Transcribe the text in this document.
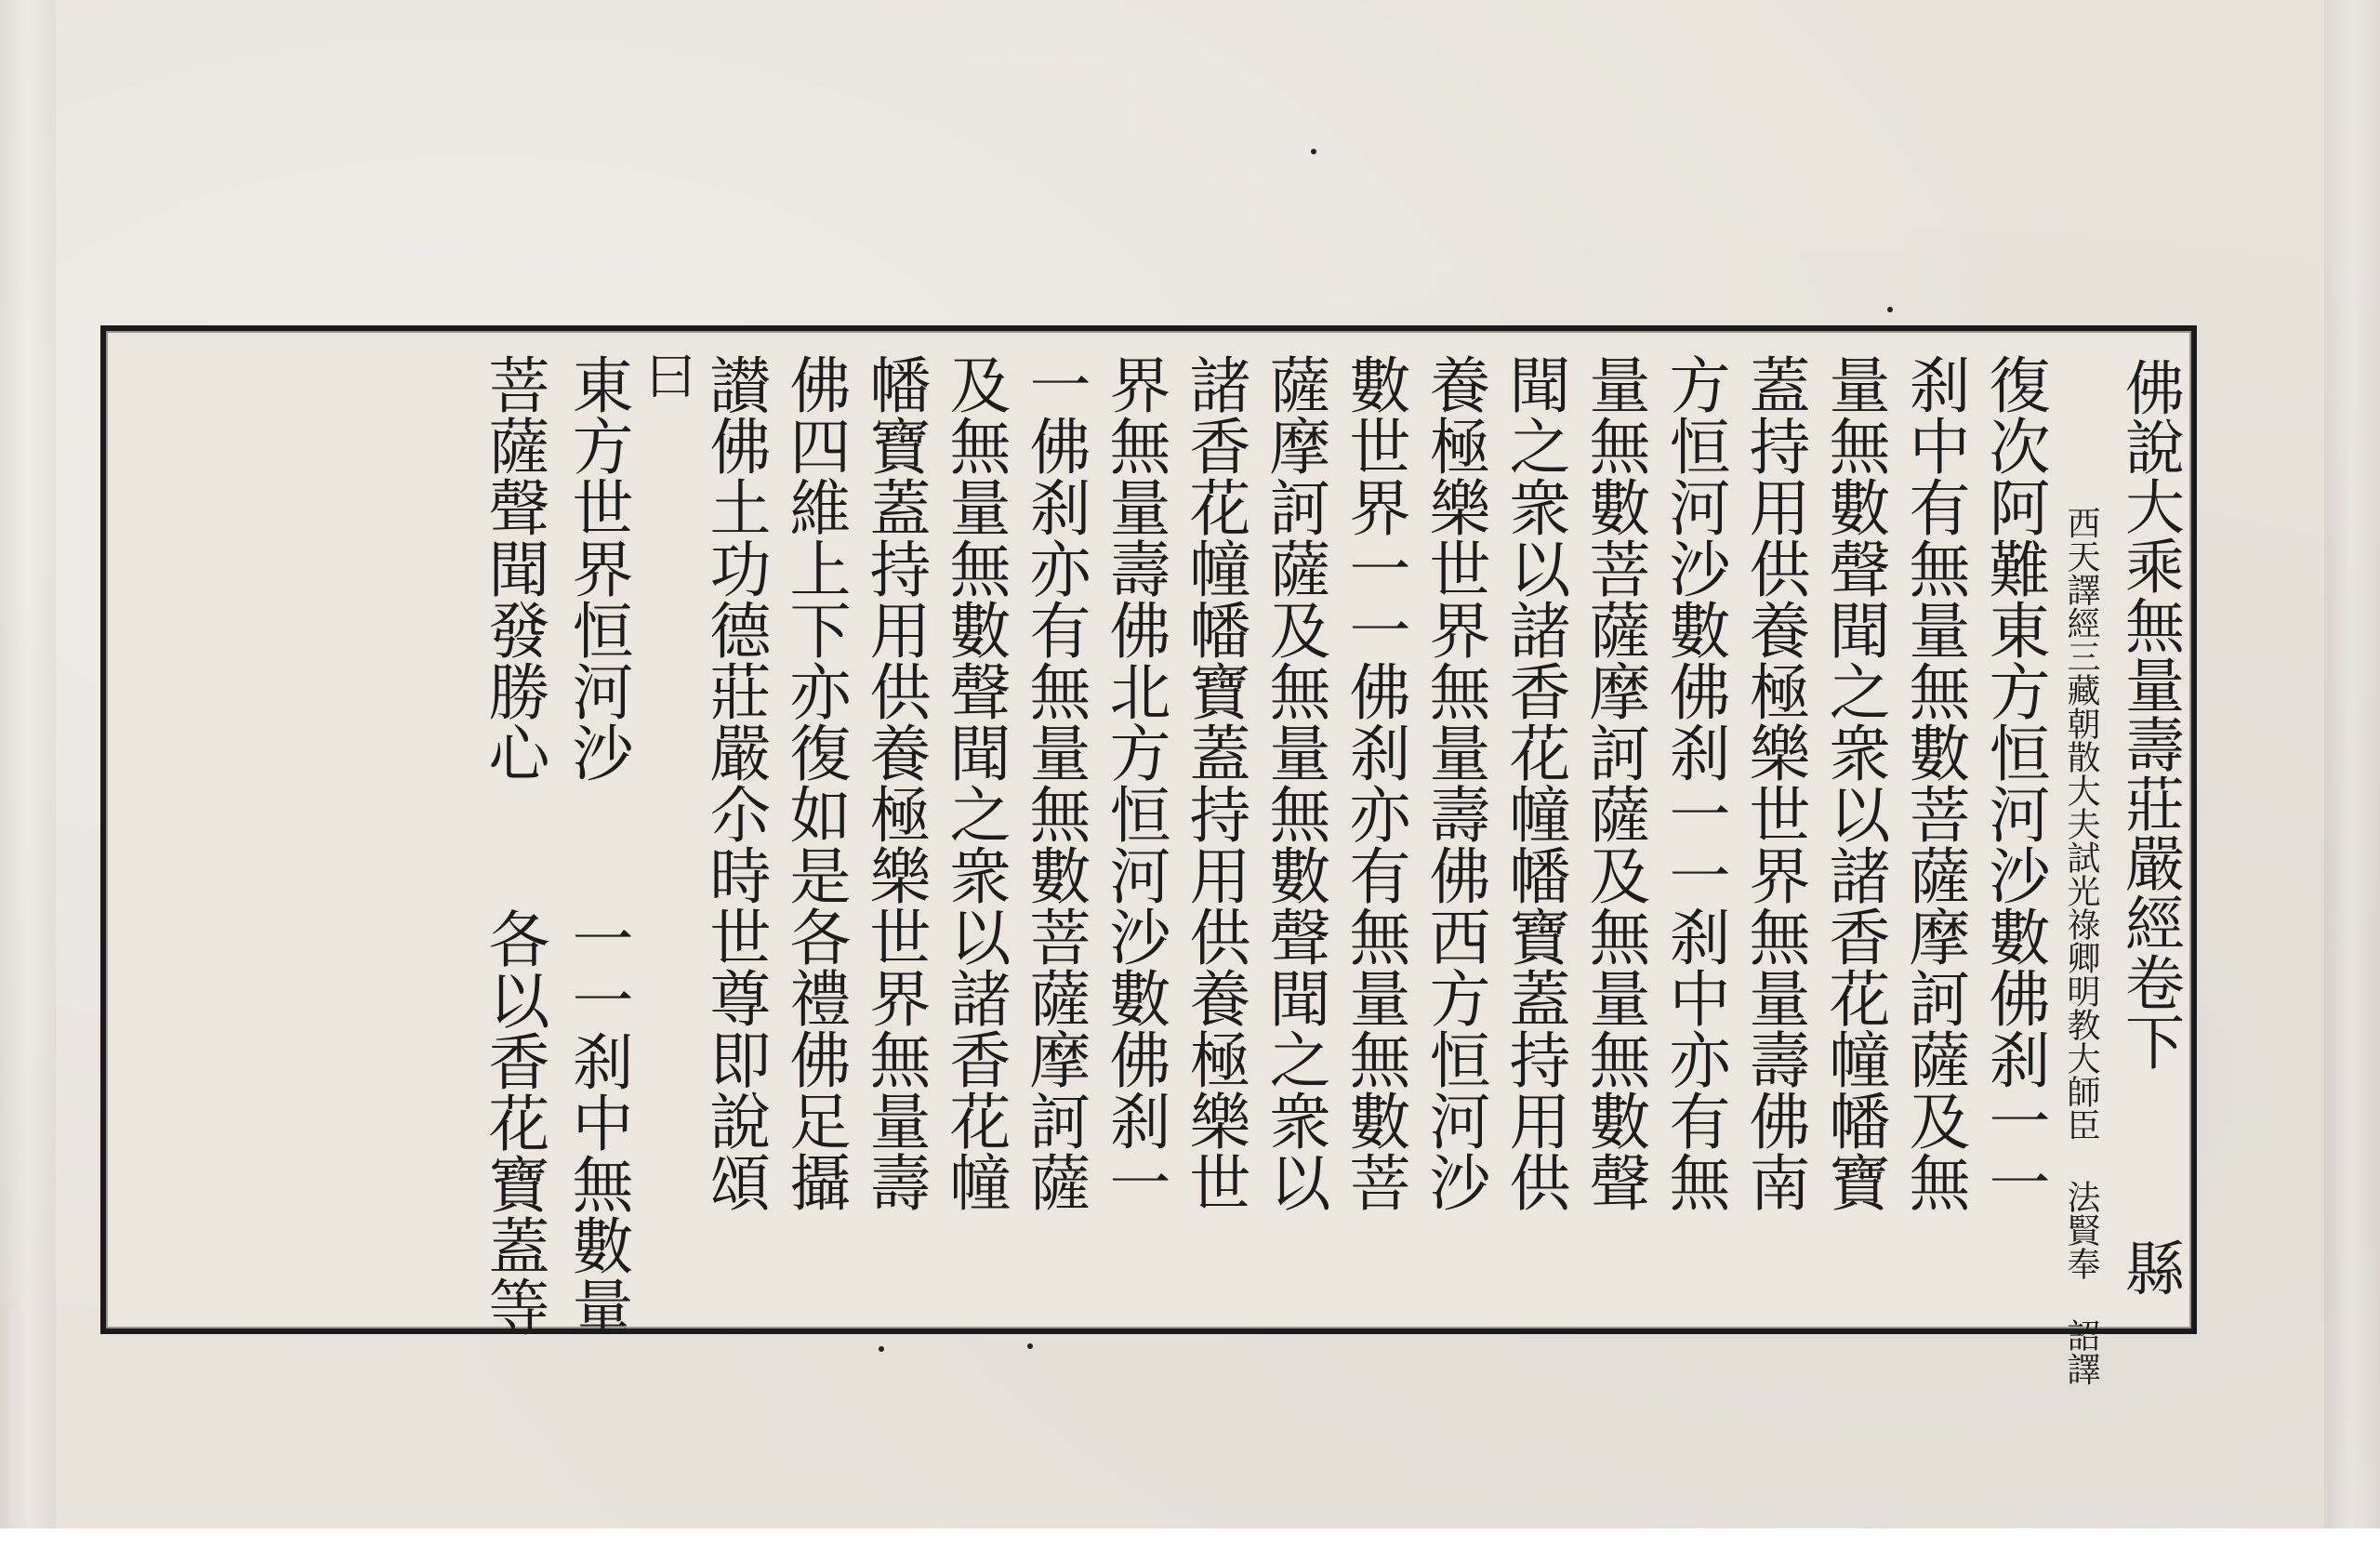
佛說大乘無量壽莊嚴經卷下
縣
西天譯經三藏朝散大夫試光祿卿明教大師臣 法賢奉 詔譯
復次阿難東方恒河沙數佛刹一一
刹中有無量無數菩薩摩訶薩及無
量無數聲聞之衆以諸香花幢幡寶
蓋持用供養極樂世界無量壽佛南
方恒河沙數佛刹一一刹中亦有無
量無數菩薩摩訶薩及無量無數聲
聞之衆以諸香花幢幡寶蓋持用供
養極樂世界無量壽佛西方恒河沙
數世界一一佛刹亦有無量無數菩
薩摩訶薩及無量無數聲聞之衆以
諸香花幢幡寶蓋持用供養極樂世
界無量壽佛北方恒河沙數佛刹一
一佛刹亦有無量無數菩薩摩訶薩
及無量無數聲聞之衆以諸香花幢
幡寶蓋持用供養極樂世界無量壽
佛四維上下亦復如是各禮佛足攝
讃佛土功德莊嚴尒時世尊即說頌
曰
東方世界恒河沙
一一刹中無數量
菩薩聲聞發勝心
各以香花寶蓋等
